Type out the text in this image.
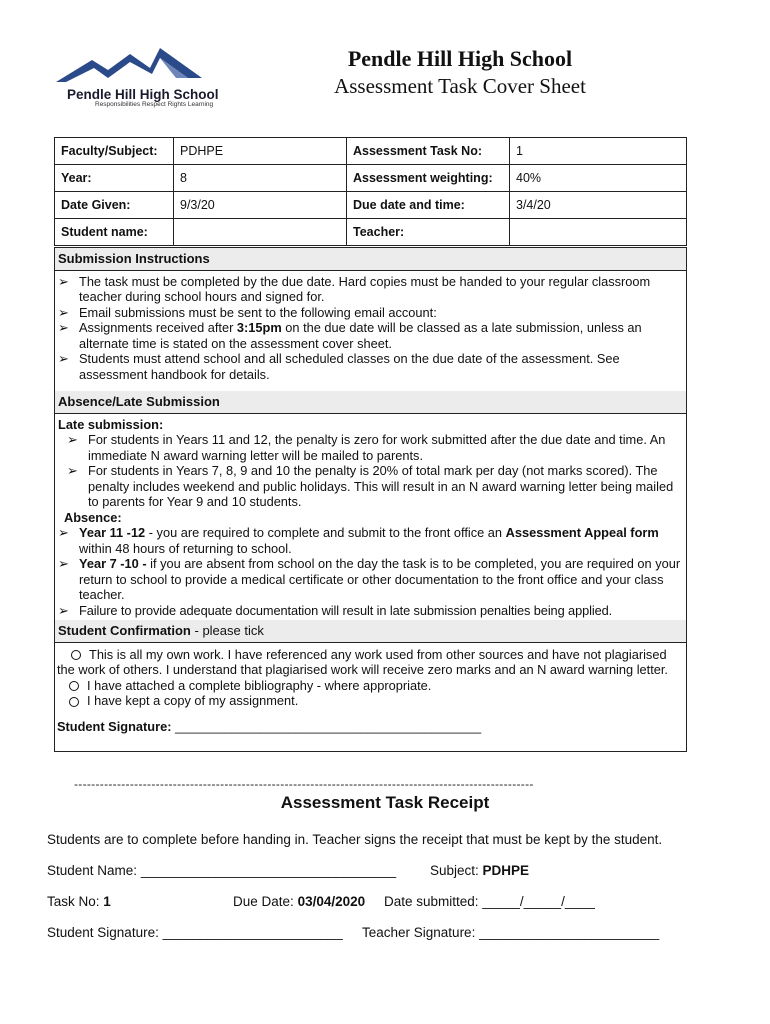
Pendle Hill High School
Responsibilities Respect Rights Learning
Pendle Hill High School
Assessment Task Cover Sheet
Faculty/Subject:	PDHPE	Assessment Task No:	1
Year:	8	Assessment weighting:	40%
Date Given:	9/3/20	Due date and time:	3/4/20
Student name:		Teacher:	
Submission Instructions
➢ The task must be completed by the due date. Hard copies must be handed to your regular classroom teacher during school hours and signed for.
➢ Email submissions must be sent to the following email account:
➢ Assignments received after 3:15pm on the due date will be classed as a late submission, unless an alternate time is stated on the assessment cover sheet.
➢ Students must attend school and all scheduled classes on the due date of the assessment. See assessment handbook for details.
Absence/Late Submission
Late submission:
➢ For students in Years 11 and 12, the penalty is zero for work submitted after the due date and time. An immediate N award warning letter will be mailed to parents.
➢ For students in Years 7, 8, 9 and 10 the penalty is 20% of total mark per day (not marks scored). The penalty includes weekend and public holidays. This will result in an N award warning letter being mailed to parents for Year 9 and 10 students.
Absence:
➢ Year 11 -12 - you are required to complete and submit to the front office an Assessment Appeal form within 48 hours of returning to school.
➢ Year 7 -10 - if you are absent from school on the day the task is to be completed, you are required on your return to school to provide a medical certificate or other documentation to the front office and your class teacher.
➢ Failure to provide adequate documentation will result in late submission penalties being applied.
Student Confirmation - please tick
This is all my own work. I have referenced any work used from other sources and have not plagiarised the work of others. I understand that plagiarised work will receive zero marks and an N award warning letter.
I have attached a complete bibliography - where appropriate.
I have kept a copy of my assignment.
Student Signature: ___________________________________________
-----------------------------------------------------------------------------------------------------------
Assessment Task Receipt
Students are to complete before handing in. Teacher signs the receipt that must be kept by the student.
Student Name: __________________________________	Subject: PDHPE
Task No: 1	Due Date: 03/04/2020 Date submitted: _____/_____/____
Student Signature: ________________________ Teacher Signature: ________________________
